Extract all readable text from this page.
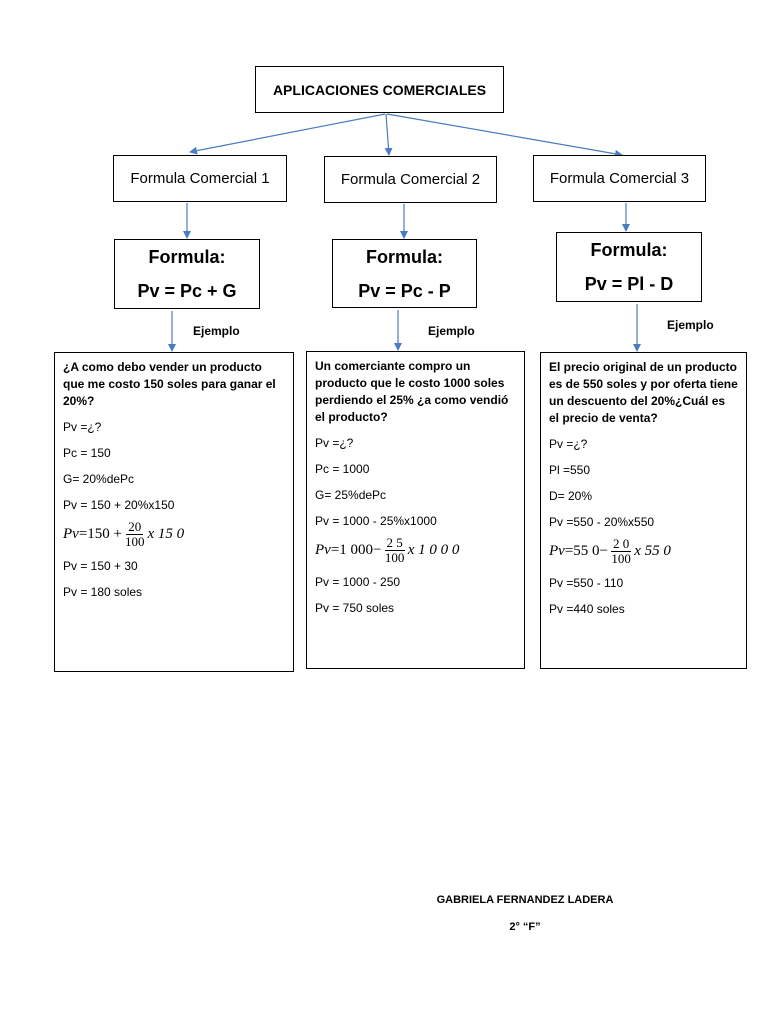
APLICACIONES COMERCIALES
Formula Comercial 1	Formula Comercial 2	Formula Comercial 3
Formula:
Pv = Pc + G
Formula:
Pv = Pc - P
Formula:
Pv = Pl - D
Ejemplo	Ejemplo	Ejemplo
¿A como debo vender un producto que me costo 150 soles para ganar el 20%?
Pv =¿?
Pc = 150
G= 20%dePc
Pv = 150 + 20%x150
$Pv =150 + \frac{20}{100}$ x 15 0
Pv = 150 + 30
Pv = 180 soles
Un comerciante compro un producto que le costo 1000 soles perdiendo el 25% ¿a como vendió el producto?
Pv =¿?
Pc = 1000
G= 25%dePc
Pv = 1000 - 25%x1000
Pv =1 $000- \frac{2 5}{100}$ x 1 0 0 0
Pv = 1000 - 250
Pv = 750 soles
El precio original de un producto es de 550 soles y por oferta tiene un descuento del 20%¿Cuál es el precio de venta?
Pv =¿?
Pl =550
D= 20%
Pv =550 - 20%x550
Pv =55 $0- \frac{2 0}{100}$ x 55 0
Pv =550 - 110
Pv =440 soles
GABRIELA FERNANDEZ LADERA
2° “F”
